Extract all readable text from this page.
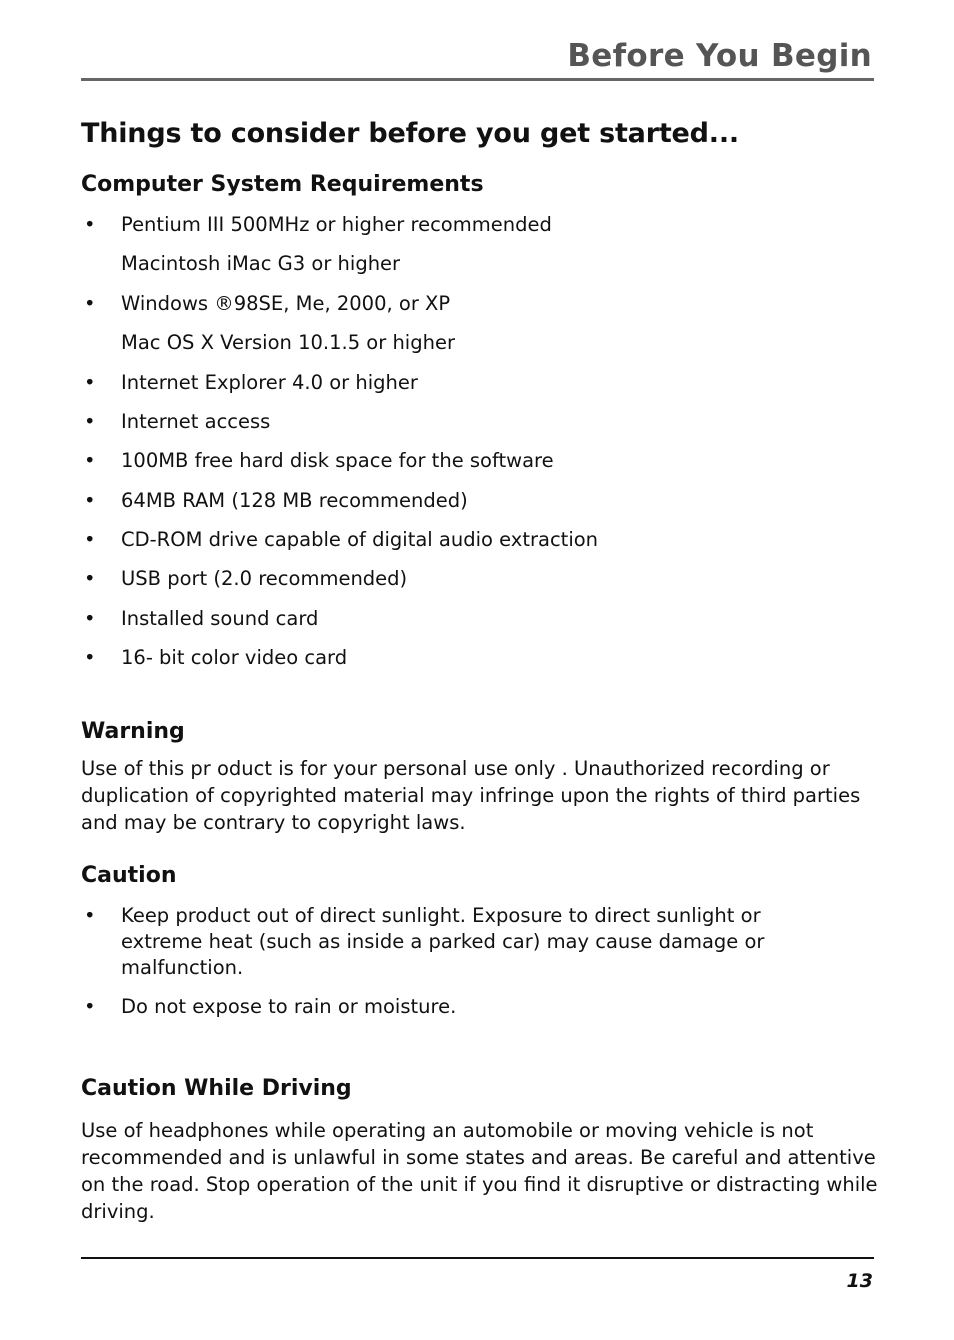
Before You Begin
Things to consider before you get started...
Computer System Requirements
• Pentium III 500MHz or higher recommended
Macintosh iMac G3 or higher
• Windows ®98SE, Me, 2000, or XP
Mac OS X Version 10.1.5 or higher
• Internet Explorer 4.0 or higher
• Internet access
• 100MB free hard disk space for the software
• 64MB RAM (128 MB recommended)
• CD-ROM drive capable of digital audio extraction
• USB port (2.0 recommended)
• Installed sound card
• 16- bit color video card
Warning

Use of this pr oduct is for your personal use only . Unauthorized recording or duplication of copyrighted material may infringe upon the rights of third parties and may be contrary to copyright laws.

Caution
• Keep product out of direct sunlight. Exposure to direct sunlight or extreme heat (such as inside a parked car) may cause damage or malfunction.
• Do not expose to rain or moisture.
Caution While Driving

Use of headphones while operating an automobile or moving vehicle is not recommended and is unlawful in some states and areas. Be careful and attentive on the road. Stop operation of the unit if you find it disruptive or distracting while driving.

13
